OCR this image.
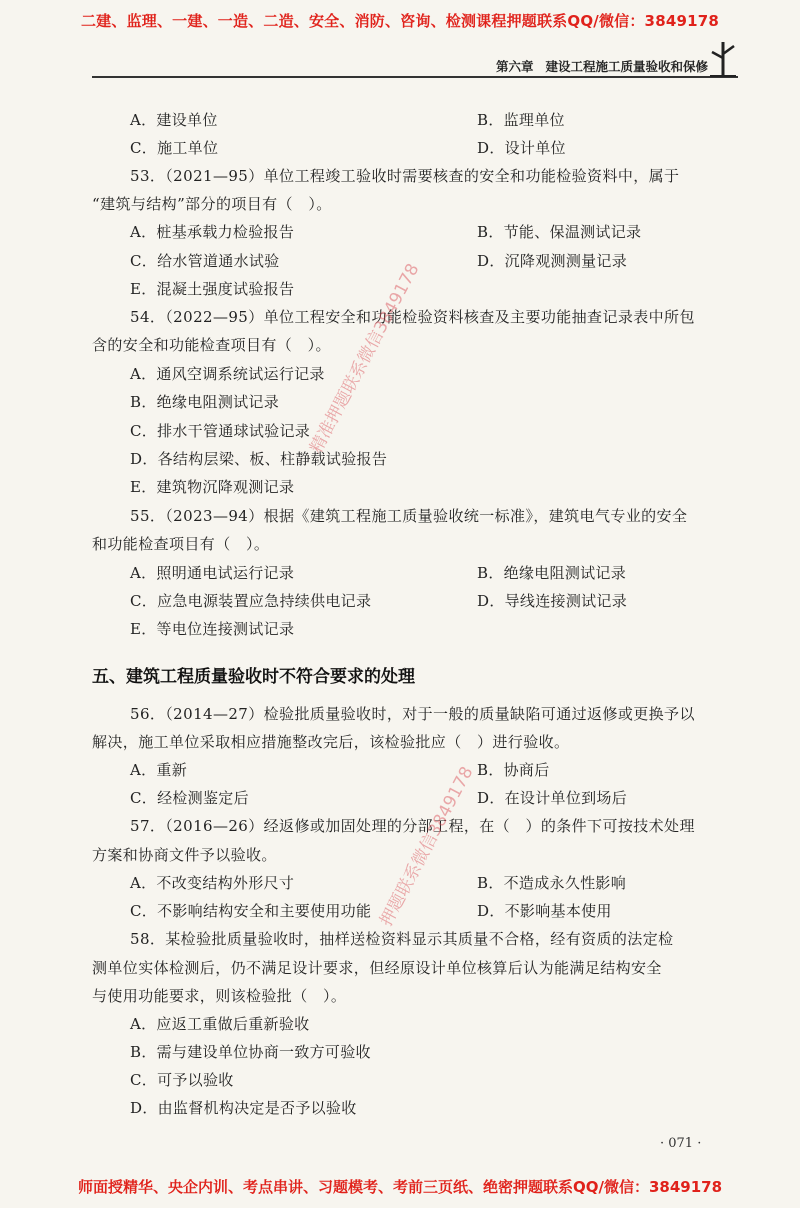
二建、监理、一建、一造、二造、安全、消防、咨询、检测课程押题联系QQ/微信：3849178
第六章 建设工程施工质量验收和保修
A．建设单位	B．监理单位
C．施工单位	D．设计单位
53．（2021—95）单位工程竣工验收时需要核查的安全和功能检验资料中，属于
“建筑与结构”部分的项目有（　）。
A．桩基承载力检验报告	B．节能、保温测试记录
C．给水管道通水试验	D．沉降观测测量记录
E．混凝土强度试验报告
54．（2022—95）单位工程安全和功能检验资料核查及主要功能抽查记录表中所包
含的安全和功能检查项目有（　）。
A．通风空调系统试运行记录
B．绝缘电阻测试记录
C．排水干管通球试验记录
D．各结构层梁、板、柱静载试验报告
E．建筑物沉降观测记录
55．（2023—94）根据《建筑工程施工质量验收统一标准》，建筑电气专业的安全
和功能检查项目有（　）。
A．照明通电试运行记录	B．绝缘电阻测试记录
C．应急电源装置应急持续供电记录	D．导线连接测试记录
E．等电位连接测试记录
五、建筑工程质量验收时不符合要求的处理
56．（2014—27）检验批质量验收时，对于一般的质量缺陷可通过返修或更换予以
解决，施工单位采取相应措施整改完后，该检验批应（　）进行验收。
A．重新	B．协商后
C．经检测鉴定后	D．在设计单位到场后
57．（2016—26）经返修或加固处理的分部工程，在（　）的条件下可按技术处理
方案和协商文件予以验收。
A．不改变结构外形尺寸	B．不造成永久性影响
C．不影响结构安全和主要使用功能	D．不影响基本使用
58．某检验批质量验收时，抽样送检资料显示其质量不合格，经有资质的法定检
测单位实体检测后，仍不满足设计要求，但经原设计单位核算后认为能满足结构安全
与使用功能要求，则该检验批（　）。
A．应返工重做后重新验收
B．需与建设单位协商一致方可验收
C．可予以验收
D．由监督机构决定是否予以验收
· 071 ·
精准押题联系微信3849178
押题联系微信3849178
师面授精华、央企内训、考点串讲、习题模考、考前三页纸、绝密押题联系QQ/微信：3849178
